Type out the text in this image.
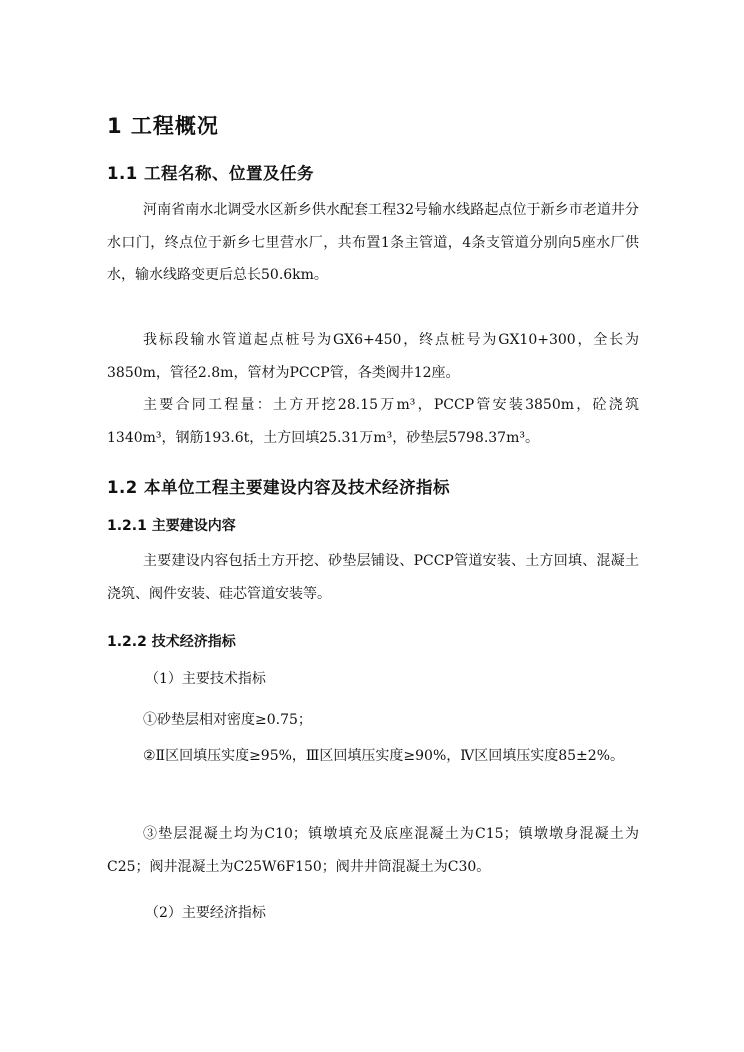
1 工程概况
1.1 工程名称、位置及任务
河南省南水北调受水区新乡供水配套工程32号输水线路起点位于新乡市老道井分水口门，终点位于新乡七里营水厂，共布置1条主管道，4条支管道分别向5座水厂供水，输水线路变更后总长50.6km。
我标段输水管道起点桩号为GX6+450，终点桩号为GX10+300，全长为3850m，管径2.8m，管材为PCCP管，各类阀井12座。
主要合同工程量：土方开挖28.15万m³，PCCP管安装3850m，砼浇筑1340m³，钢筋193.6t，土方回填25.31万m³，砂垫层5798.37m³。
1.2 本单位工程主要建设内容及技术经济指标
1.2.1 主要建设内容
主要建设内容包括土方开挖、砂垫层铺设、PCCP管道安装、土方回填、混凝土浇筑、阀件安装、硅芯管道安装等。
1.2.2 技术经济指标
（1）主要技术指标
①砂垫层相对密度≥0.75；
②Ⅱ区回填压实度≥95%，Ⅲ区回填压实度≥90%，Ⅳ区回填压实度85±2%。
③垫层混凝土均为C10；镇墩填充及底座混凝土为C15；镇墩墩身混凝土为C25；阀井混凝土为C25W6F150；阀井井筒混凝土为C30。
（2）主要经济指标
